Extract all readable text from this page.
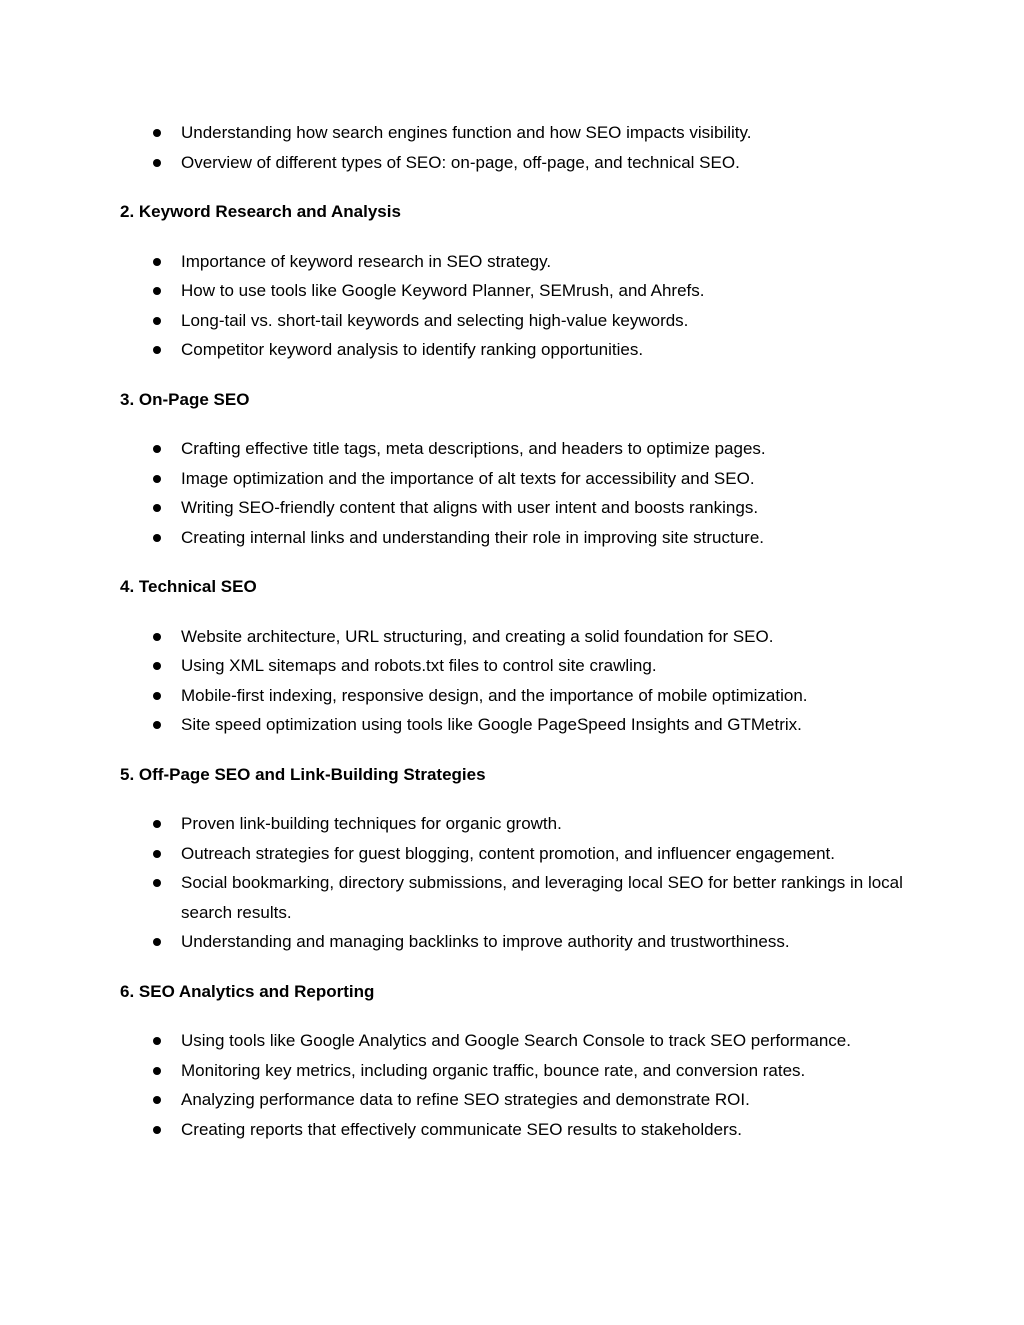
Understanding how search engines function and how SEO impacts visibility.
Overview of different types of SEO: on-page, off-page, and technical SEO.
2. Keyword Research and Analysis
Importance of keyword research in SEO strategy.
How to use tools like Google Keyword Planner, SEMrush, and Ahrefs.
Long-tail vs. short-tail keywords and selecting high-value keywords.
Competitor keyword analysis to identify ranking opportunities.
3. On-Page SEO
Crafting effective title tags, meta descriptions, and headers to optimize pages.
Image optimization and the importance of alt texts for accessibility and SEO.
Writing SEO-friendly content that aligns with user intent and boosts rankings.
Creating internal links and understanding their role in improving site structure.
4. Technical SEO
Website architecture, URL structuring, and creating a solid foundation for SEO.
Using XML sitemaps and robots.txt files to control site crawling.
Mobile-first indexing, responsive design, and the importance of mobile optimization.
Site speed optimization using tools like Google PageSpeed Insights and GTMetrix.
5. Off-Page SEO and Link-Building Strategies
Proven link-building techniques for organic growth.
Outreach strategies for guest blogging, content promotion, and influencer engagement.
Social bookmarking, directory submissions, and leveraging local SEO for better rankings in local search results.
Understanding and managing backlinks to improve authority and trustworthiness.
6. SEO Analytics and Reporting
Using tools like Google Analytics and Google Search Console to track SEO performance.
Monitoring key metrics, including organic traffic, bounce rate, and conversion rates.
Analyzing performance data to refine SEO strategies and demonstrate ROI.
Creating reports that effectively communicate SEO results to stakeholders.
